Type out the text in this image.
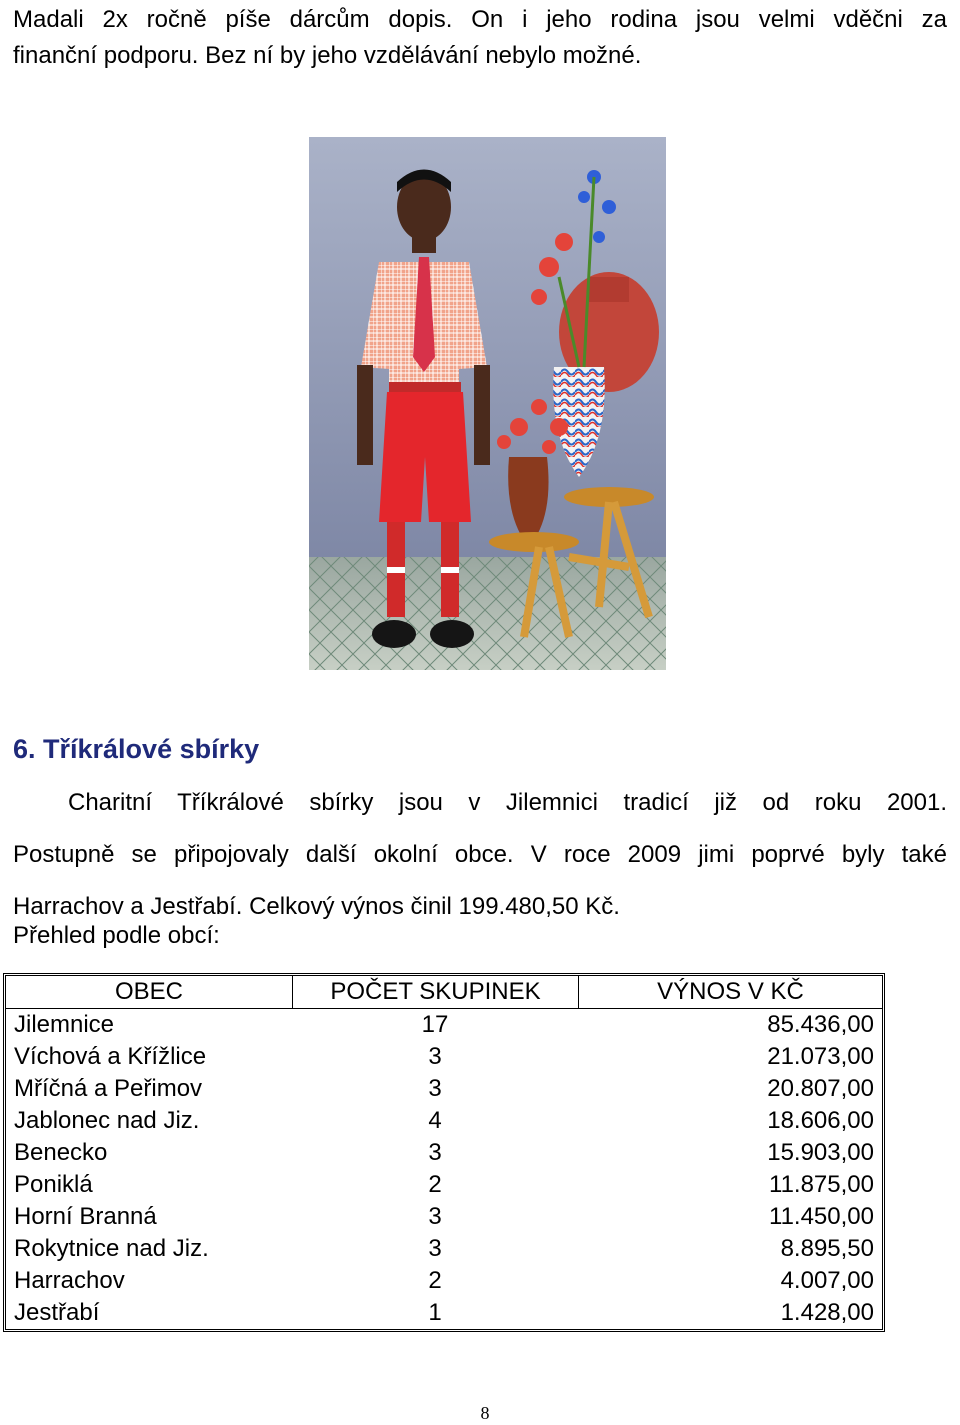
Madali 2x ročně píše dárcům dopis. On i jeho rodina jsou velmi vděčni za
finanční podporu. Bez ní by jeho vzdělávání nebylo možné.
6. Tříkrálové sbírky
Charitní Tříkrálové sbírky jsou v Jilemnici tradicí již od roku 2001.
Postupně se připojovaly další okolní obce. V roce 2009 jimi poprvé byly také
Harrachov a Jestřabí. Celkový výnos činil 199.480,50 Kč.

Přehled podle obcí:

OBEC	POČET SKUPINEK	VÝNOS V KČ
Jilemnice	17	85.436,00
Víchová a Křížlice	3	21.073,00
Mříčná a Peřimov	3	20.807,00
Jablonec nad Jiz.	4	18.606,00
Benecko	3	15.903,00
Poniklá	2	11.875,00
Horní Branná	3	11.450,00
Rokytnice nad Jiz.	3	8.895,50
Harrachov	2	4.007,00
Jestřabí	1	1.428,00
8
